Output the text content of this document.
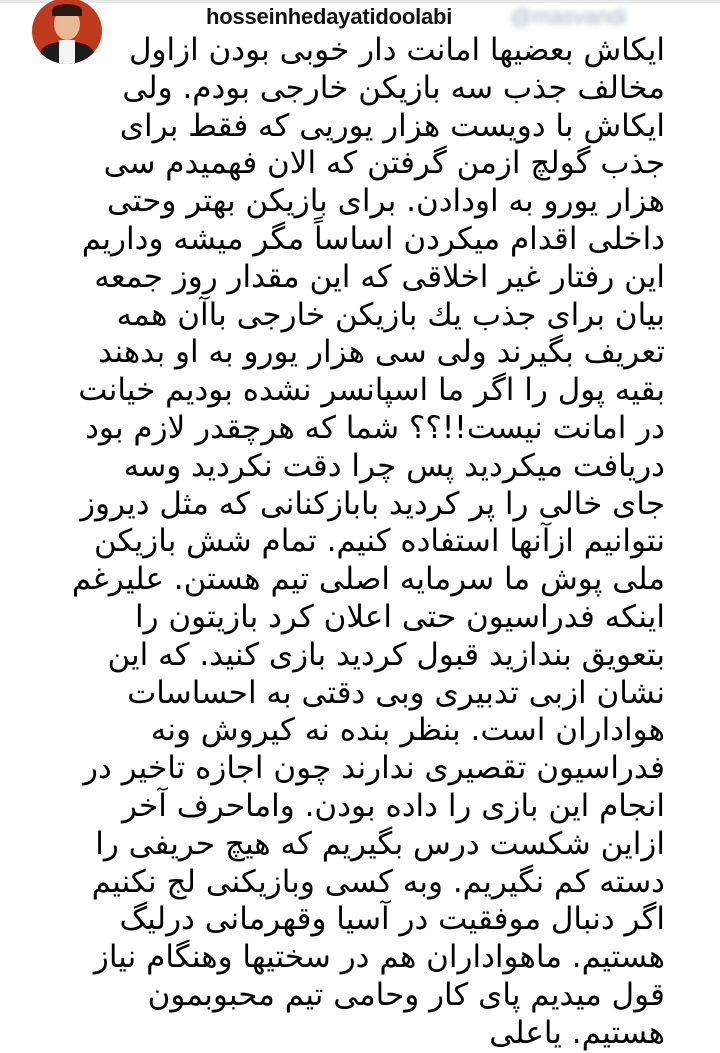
hosseinhedayatidoolabi	@masvandi
ایکاش بعضیها امانت دار خوبی بودن ازاول
مخالف جذب سه بازیکن خارجی بودم. ولی
ایکاش با دویست هزار یوریی که فقط برای
جذب گولچ ازمن گرفتن که الان فهمیدم سی
هزار یورو به اودادن. برای بازیکن بهتر وحتی
داخلی اقدام میکردن اساساً مگر میشه وداریم
این رفتار غیر اخلاقی که این مقدار روز جمعه
بیان برای جذب یك بازیکن خارجی باآن همه
تعریف بگیرند ولی سی هزار یورو به او بدهند
بقیه پول را اگر ما اسپانسر نشده بودیم خیانت
در امانت نیست!!؟؟ شما که هرچقدر لازم بود
دریافت میکردید پس چرا دقت نکردید وسه
جای خالی را پر کردید بابازکنانی که مثل دیروز
نتوانیم ازآنها استفاده کنیم. تمام شش بازیکن
ملی پوش ما سرمایه اصلی تیم هستن. علیرغم
اینکه فدراسیون حتی اعلان کرد بازیتون را
بتعویق بندازید قبول کردید بازی کنید. که این
نشان ازبی تدبیری وبی دقتی به احساسات
هواداران است. بنظر بنده نه کیروش ونه
فدراسیون تقصیری ندارند چون اجازه تاخیر در
انجام این بازی را داده بودن. واماحرف آخر
ازاین شکست درس بگیریم که هیچ حریفی را
دسته کم نگیریم. وبه کسی وبازیکنی لج نکنیم
اگر دنبال موفقیت در آسیا وقهرمانی درلیگ
هستیم. ماهواداران هم در سختیها وهنگام نیاز
قول میدیم پای کار وحامی تیم محبوبمون
هستیم. یاعلی
